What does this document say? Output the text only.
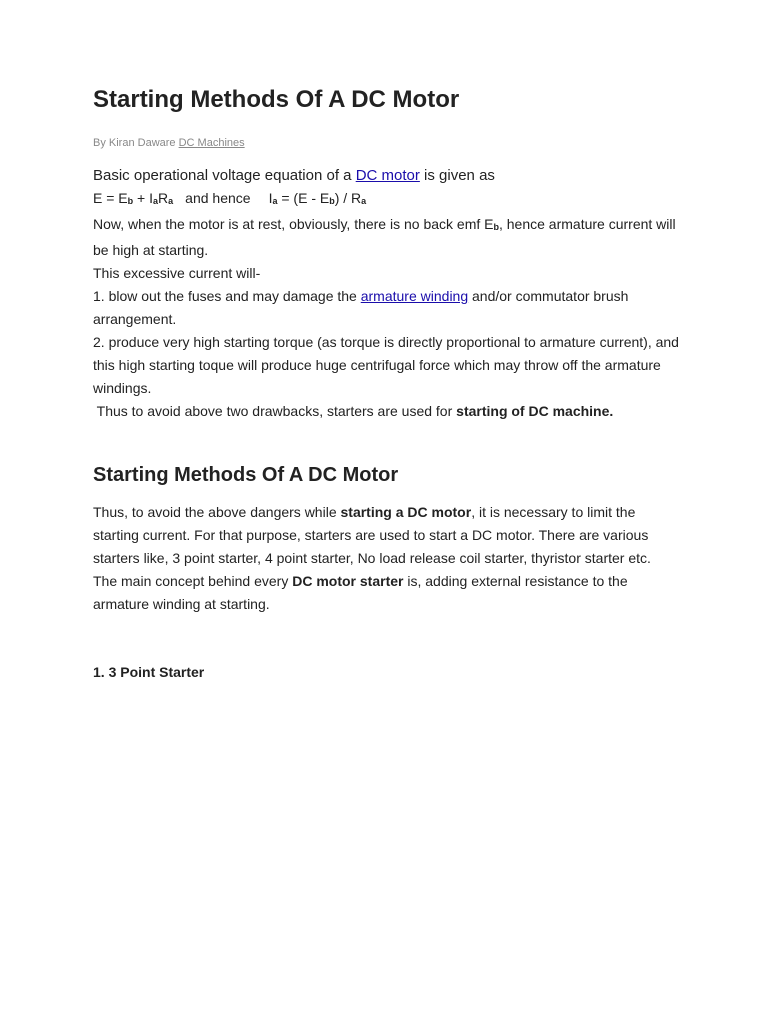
Starting Methods Of A DC Motor
By Kiran Daware DC Machines
Basic operational voltage equation of a DC motor is given as
$E = E_b + I_aR_a$ and hence $I_a = (E - E_b) / R_a$
Now, when the motor is at rest, obviously, there is no back emf $E_b$, hence armature current will be high at starting.
This excessive current will-
1. blow out the fuses and may damage the armature winding and/or commutator brush arrangement.
2. produce very high starting torque (as torque is directly proportional to armature current), and this high starting toque will produce huge centrifugal force which may throw off the armature windings.
Thus to avoid above two drawbacks, starters are used for starting of DC machine.
Starting Methods Of A DC Motor
Thus, to avoid the above dangers while starting a DC motor, it is necessary to limit the starting current. For that purpose, starters are used to start a DC motor. There are various starters like, 3 point starter, 4 point starter, No load release coil starter, thyristor starter etc.
The main concept behind every DC motor starter is, adding external resistance to the armature winding at starting.
1. 3 Point Starter
